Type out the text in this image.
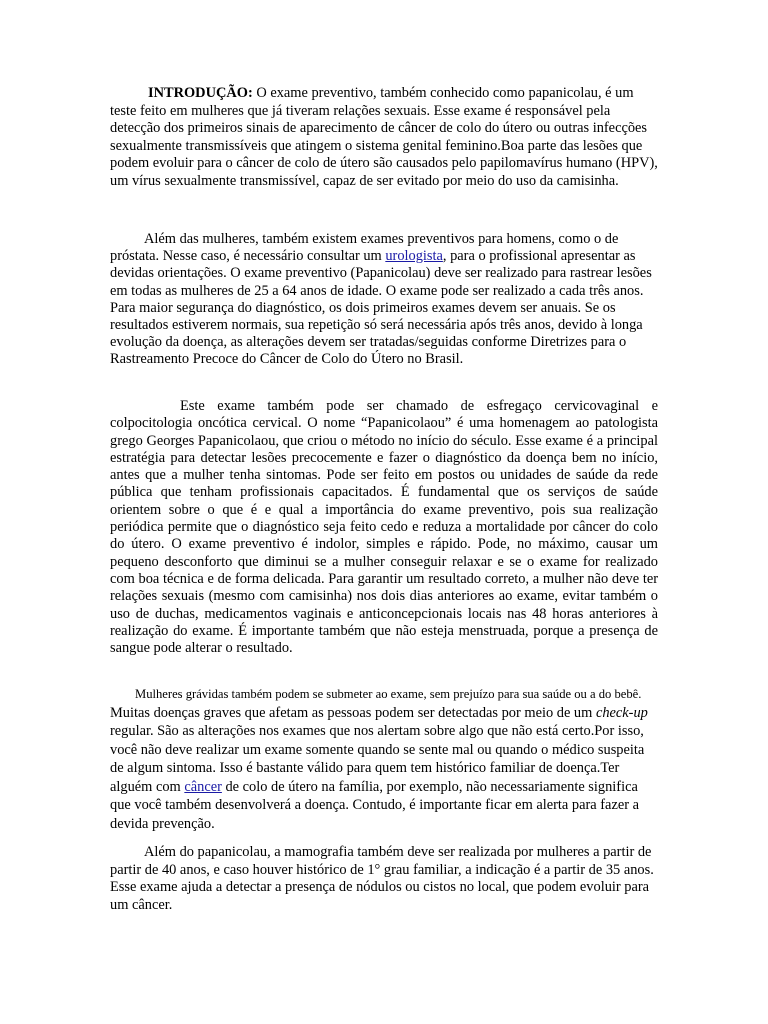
INTRODUÇÃO: O exame preventivo, também conhecido como papanicolau, é um teste feito em mulheres que já tiveram relações sexuais. Esse exame é responsável pela detecção dos primeiros sinais de aparecimento de câncer de colo do útero ou outras infecções sexualmente transmissíveis que atingem o sistema genital feminino.Boa parte das lesões que podem evoluir para o câncer de colo de útero são causados pelo papilomavírus humano (HPV), um vírus sexualmente transmissível, capaz de ser evitado por meio do uso da camisinha.

Além das mulheres, também existem exames preventivos para homens, como o de próstata. Nesse caso, é necessário consultar um urologista, para o profissional apresentar as devidas orientações. O exame preventivo (Papanicolau) deve ser realizado para rastrear lesões em todas as mulheres de 25 a 64 anos de idade. O exame pode ser realizado a cada três anos. Para maior segurança do diagnóstico, os dois primeiros exames devem ser anuais. Se os resultados estiverem normais, sua repetição só será necessária após três anos, devido à longa evolução da doença, as alterações devem ser tratadas/seguidas conforme Diretrizes para o Rastreamento Precoce do Câncer de Colo do Útero no Brasil.

Este exame também pode ser chamado de esfregaço cervicovaginal e colpocitologia oncótica cervical. O nome “Papanicolaou” é uma homenagem ao patologista grego Georges Papanicolaou, que criou o método no início do século. Esse exame é a principal estratégia para detectar lesões precocemente e fazer o diagnóstico da doença bem no início, antes que a mulher tenha sintomas. Pode ser feito em postos ou unidades de saúde da rede pública que tenham profissionais capacitados. É fundamental que os serviços de saúde orientem sobre o que é e qual a importância do exame preventivo, pois sua realização periódica permite que o diagnóstico seja feito cedo e reduza a mortalidade por câncer do colo do útero. O exame preventivo é indolor, simples e rápido. Pode, no máximo, causar um pequeno desconforto que diminui se a mulher conseguir relaxar e se o exame for realizado com boa técnica e de forma delicada. Para garantir um resultado correto, a mulher não deve ter relações sexuais (mesmo com camisinha) nos dois dias anteriores ao exame, evitar também o uso de duchas, medicamentos vaginais e anticoncepcionais locais nas 48 horas anteriores à realização do exame. É importante também que não esteja menstruada, porque a presença de sangue pode alterar o resultado.

Mulheres grávidas também podem se submeter ao exame, sem prejuízo para sua saúde ou a do bebê. Muitas doenças graves que afetam as pessoas podem ser detectadas por meio de um check-up regular. São as alterações nos exames que nos alertam sobre algo que não está certo.Por isso, você não deve realizar um exame somente quando se sente mal ou quando o médico suspeita de algum sintoma. Isso é bastante válido para quem tem histórico familiar de doença.Ter alguém com câncer de colo de útero na família, por exemplo, não necessariamente significa que você também desenvolverá a doença. Contudo, é importante ficar em alerta para fazer a devida prevenção.

Além do papanicolau, a mamografia também deve ser realizada por mulheres a partir de partir de 40 anos, e caso houver histórico de 1° grau familiar, a indicação é a partir de 35 anos. Esse exame ajuda a detectar a presença de nódulos ou cistos no local, que podem evoluir para um câncer.
